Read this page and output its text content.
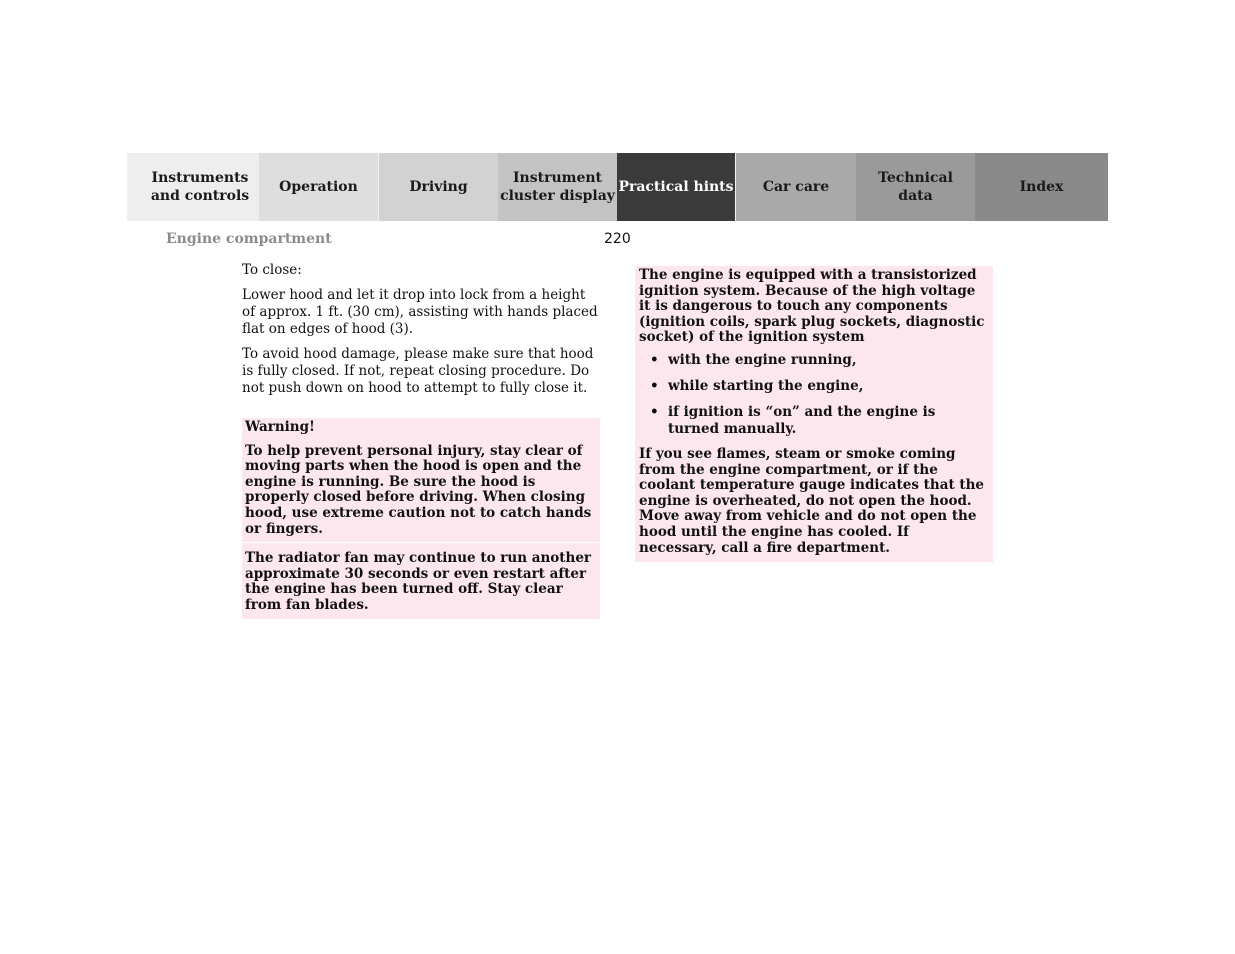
Instruments
and controls
Operation	Driving
Instrument
cluster display
Practical hints	Car care
Technical
data
Index
Engine compartment	220

To close:

Lower hood and let it drop into lock from a height of approx. 1 ft. (30 cm), assisting with hands placed flat on edges of hood (3).

To avoid hood damage, please make sure that hood is fully closed. If not, repeat closing procedure. Do not push down on hood to attempt to fully close it.

Warning!
To help prevent personal injury, stay clear of moving parts when the hood is open and the engine is running. Be sure the hood is properly closed before driving. When closing hood, use extreme caution not to catch hands or fingers.
The radiator fan may continue to run another approximate 30 seconds or even restart after the engine has been turned off. Stay clear from fan blades.

The engine is equipped with a transistorized ignition system. Because of the high voltage it is dangerous to touch any components (ignition coils, spark plug sockets, diagnostic socket) of the ignition system

• with the engine running,
• while starting the engine,
• if ignition is “on” and the engine is turned manually.

If you see flames, steam or smoke coming from the engine compartment, or if the coolant temperature gauge indicates that the engine is overheated, do not open the hood. Move away from vehicle and do not open the hood until the engine has cooled. If necessary, call a fire department.
